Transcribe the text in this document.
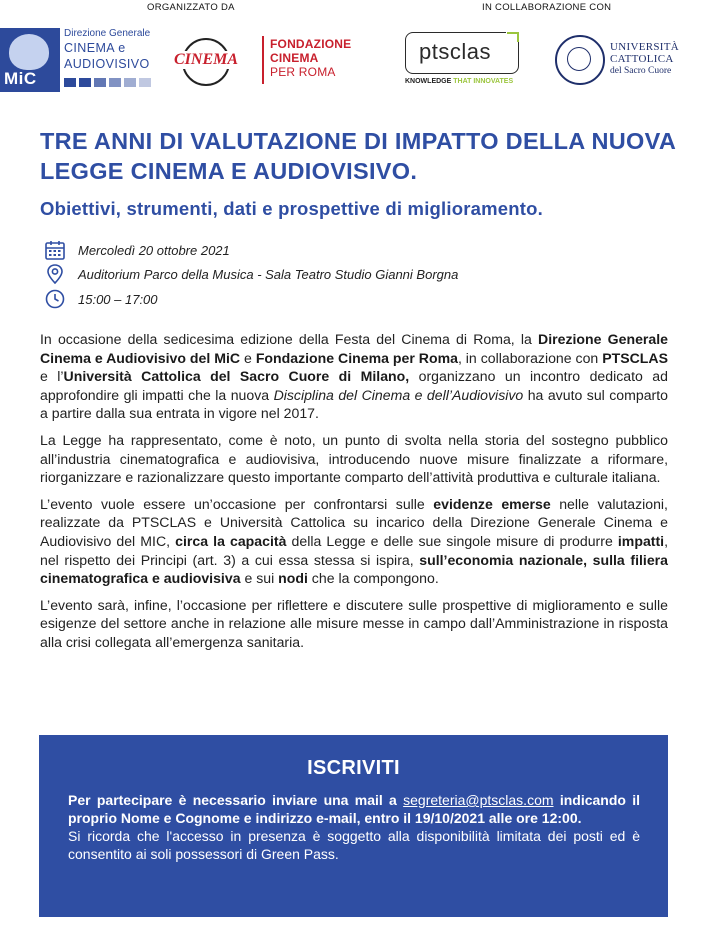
ORGANIZZATO DA	IN COLLABORAZIONE CON
MiC
Direzione Generale
CINEMA e
AUDIOVISIVO CINEMA
FONDAZIONE
CINEMA
PER ROMA
ptsclas
KNOWLEDGE THAT INNOVATES
UNIVERSITÀ
CATTOLICA
del Sacro Cuore
TRE ANNI DI VALUTAZIONE DI IMPATTO DELLA NUOVA LEGGE CINEMA E AUDIOVISIVO.
Obiettivi, strumenti, dati e prospettive di miglioramento.
Mercoledì 20 ottobre 2021
Auditorium Parco della Musica - Sala Teatro Studio Gianni Borgna
15:00 – 17:00

In occasione della sedicesima edizione della Festa del Cinema di Roma, la Direzione Generale Cinema e Audiovisivo del MiC e Fondazione Cinema per Roma, in collaborazione con PTSCLAS e l’Università Cattolica del Sacro Cuore di Milano, organizzano un incontro dedicato ad approfondire gli impatti che la nuova Disciplina del Cinema e dell’Audiovisivo ha avuto sul comparto a partire dalla sua entrata in vigore nel 2017.

La Legge ha rappresentato, come è noto, un punto di svolta nella storia del sostegno pubblico all’industria cinematografica e audiovisiva, introducendo nuove misure finalizzate a riformare, riorganizzare e razionalizzare questo importante comparto dell’attività produttiva e culturale italiana.

L’evento vuole essere un’occasione per confrontarsi sulle evidenze emerse nelle valutazioni, realizzate da PTSCLAS e Università Cattolica su incarico della Direzione Generale Cinema e Audiovisivo del MIC, circa la capacità della Legge e delle sue singole misure di produrre impatti, nel rispetto dei Principi (art. 3) a cui essa stessa si ispira, sull’economia nazionale, sulla filiera cinematografica e audiovisiva e sui nodi che la compongono.

L’evento sarà, infine, l’occasione per riflettere e discutere sulle prospettive di miglioramento e sulle esigenze del settore anche in relazione alle misure messe in campo dall’Amministrazione in risposta alla crisi collegata all’emergenza sanitaria.

ISCRIVITI
Per partecipare è necessario inviare una mail a segreteria@ptsclas.com indicando il proprio Nome e Cognome e indirizzo e-mail, entro il 19/10/2021 alle ore 12:00.
Si ricorda che l'accesso in presenza è soggetto alla disponibilità limitata dei posti ed è consentito ai soli possessori di Green Pass.
